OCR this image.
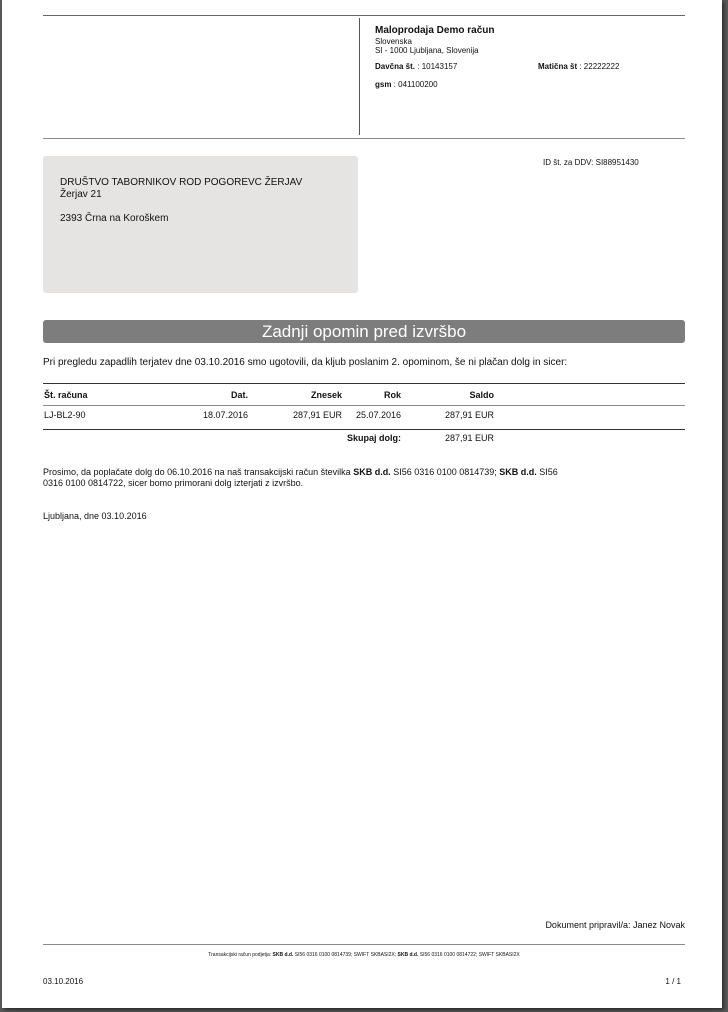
Maloprodaja Demo račun
Slovenska
SI - 1000 Ljubljana, Slovenija
Davčna št. : 10143157	Matična št : 22222222
gsm : 041100200
DRUŠTVO TABORNIKOV ROD POGOREVC ŽERJAV
Žerjav 21
2393 Črna na Koroškem
ID št. za DDV: SI88951430
Zadnji opomin pred izvršbo
Pri pregledu zapadlih terjatev dne 03.10.2016 smo ugotovili, da kljub poslanim 2. opominom, še ni plačan dolg in sicer:
Št. računa	Dat.	Znesek	Rok	Saldo
LJ-BL2-90	18.07.2016	287,91 EUR	25.07.2016	287,91 EUR
Skupaj dolg:	287,91 EUR
Prosimo, da poplačate dolg do 06.10.2016 na naš transakcijski račun številka SKB d.d. SI56 0316 0100 0814739; SKB d.d. SI56
0316 0100 0814722, sicer bomo primorani dolg izterjati z izvršbo.
Ljubljana, dne 03.10.2016
Dokument pripravil/a: Janez Novak
Transakcijski račun podjetja: SKB d.d. SI56 0316 0100 0814739; SWIFT SKBASI2X; SKB d.d. SI56 0316 0100 0814722; SWIFT SKBASI2X
03.10.2016	1 / 1
